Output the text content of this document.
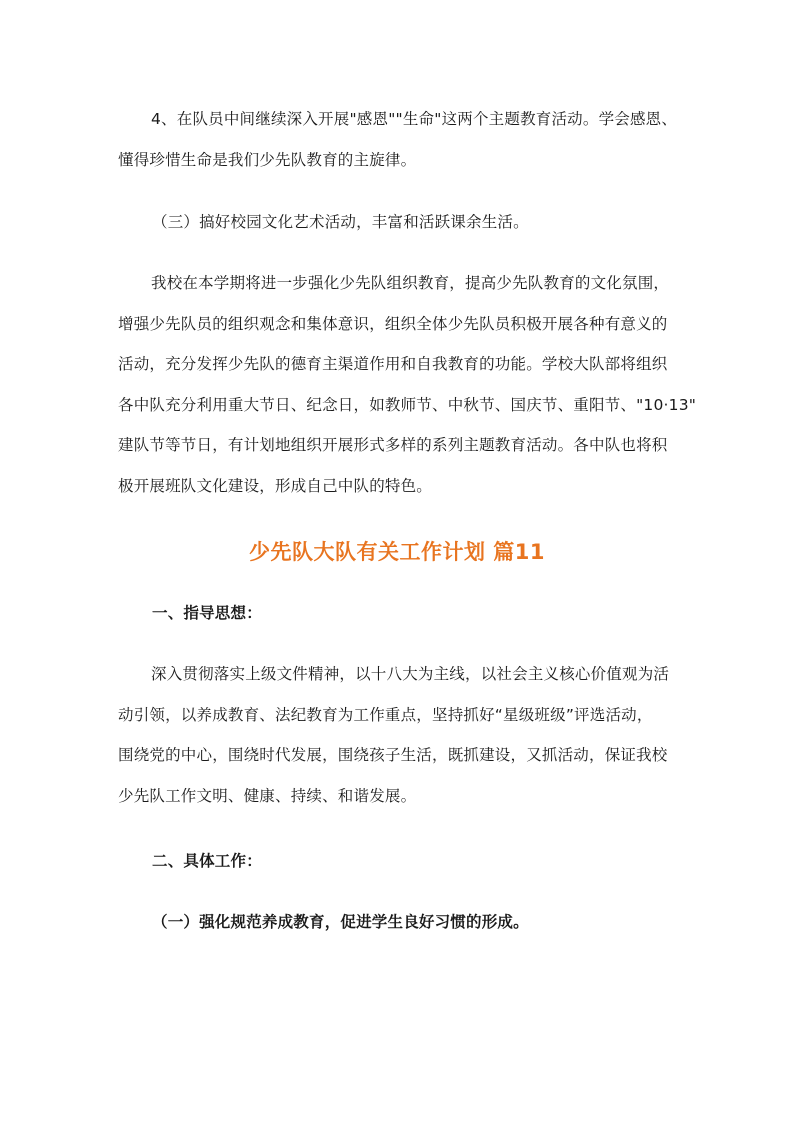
4、在队员中间继续深入开展"感恩""生命"这两个主题教育活动。学会感恩、
懂得珍惜生命是我们少先队教育的主旋律。

（三）搞好校园文化艺术活动，丰富和活跃课余生活。

我校在本学期将进一步强化少先队组织教育，提高少先队教育的文化氛围，
增强少先队员的组织观念和集体意识，组织全体少先队员积极开展各种有意义的
活动，充分发挥少先队的德育主渠道作用和自我教育的功能。学校大队部将组织
各中队充分利用重大节日、纪念日，如教师节、中秋节、国庆节、重阳节、"10·13"
建队节等节日，有计划地组织开展形式多样的系列主题教育活动。各中队也将积
极开展班队文化建设，形成自己中队的特色。
少先队大队有关工作计划 篇11

一、指导思想：

深入贯彻落实上级文件精神，以十八大为主线，以社会主义核心价值观为活
动引领，以养成教育、法纪教育为工作重点，坚持抓好“星级班级”评选活动，
围绕党的中心，围绕时代发展，围绕孩子生活，既抓建设，又抓活动，保证我校
少先队工作文明、健康、持续、和谐发展。

二、具体工作：

（一）强化规范养成教育，促进学生良好习惯的形成。
